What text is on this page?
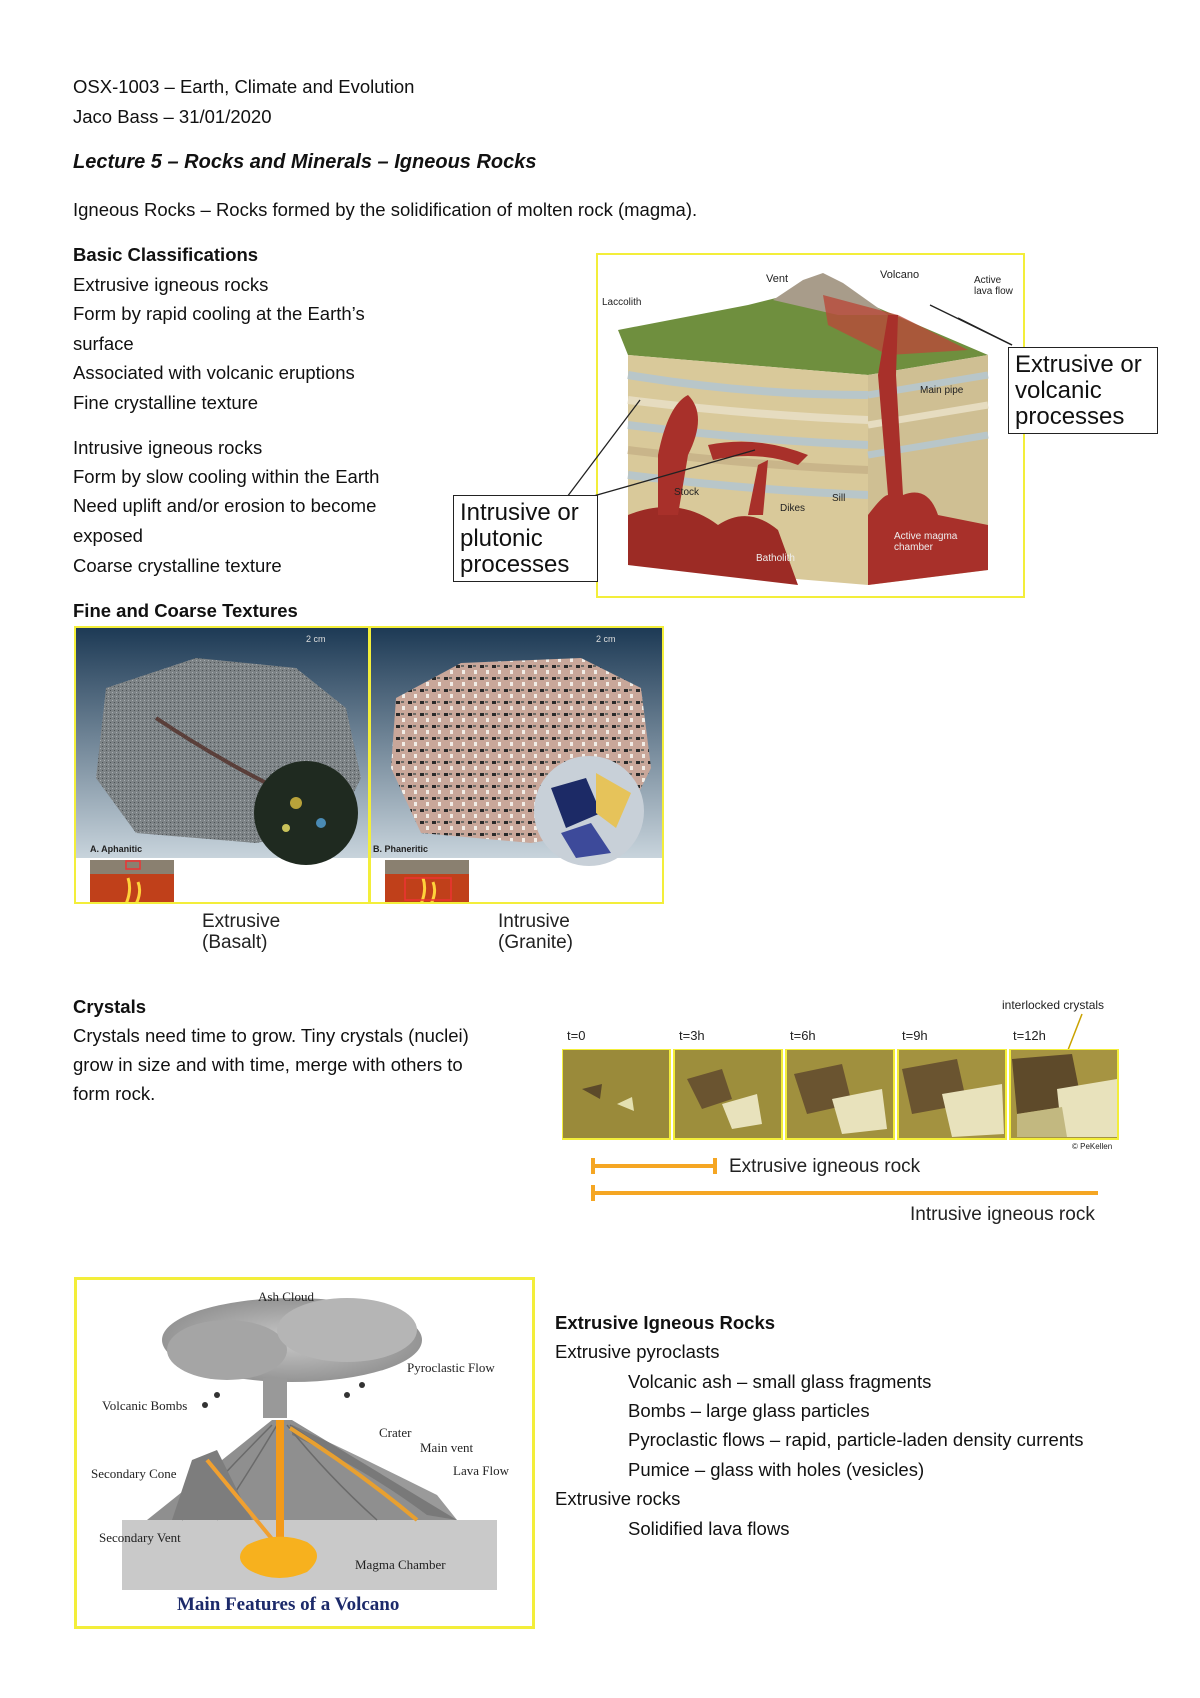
OSX-1003 – Earth, Climate and Evolution
Jaco Bass – 31/01/2020
Lecture 5 – Rocks and Minerals – Igneous Rocks
Igneous Rocks – Rocks formed by the solidification of molten rock (magma).
Basic Classifications
Extrusive igneous rocks
Form by rapid cooling at the Earth’s
surface
Associated with volcanic eruptions
Fine crystalline texture
Intrusive igneous rocks
Form by slow cooling within the Earth
Need uplift and/or erosion to become
exposed
Coarse crystalline texture
Vent	Volcano	Active lava flow
Laccolith
Main pipe
Stock
Dikes
Sill
Active magma chamber
Batholith
Extrusive or
volcanic
processes
Intrusive or
plutonic
processes
Fine and Coarse Textures
2 cm
A. Aphanitic
2 cm
B. Phaneritic
Extrusive
(Basalt)
Intrusive
(Granite)
Crystals
Crystals need time to grow. Tiny crystals (nuclei)
grow in size and with time, merge with others to
form rock.
interlocked crystals
t=0	t=3h	t=6h	t=9h	t=12h
© PeKellen
Extrusive igneous rock
Intrusive igneous rock
Ash Cloud
Pyroclastic Flow
Volcanic Bombs
Crater
Main vent
Secondary Cone	Lava Flow
Secondary Vent
Magma Chamber
Main Features of a Volcano
Extrusive Igneous Rocks
Extrusive pyroclasts
Volcanic ash – small glass fragments
Bombs – large glass particles
Pyroclastic flows – rapid, particle-laden density currents
Pumice – glass with holes (vesicles)
Extrusive rocks
Solidified lava flows
